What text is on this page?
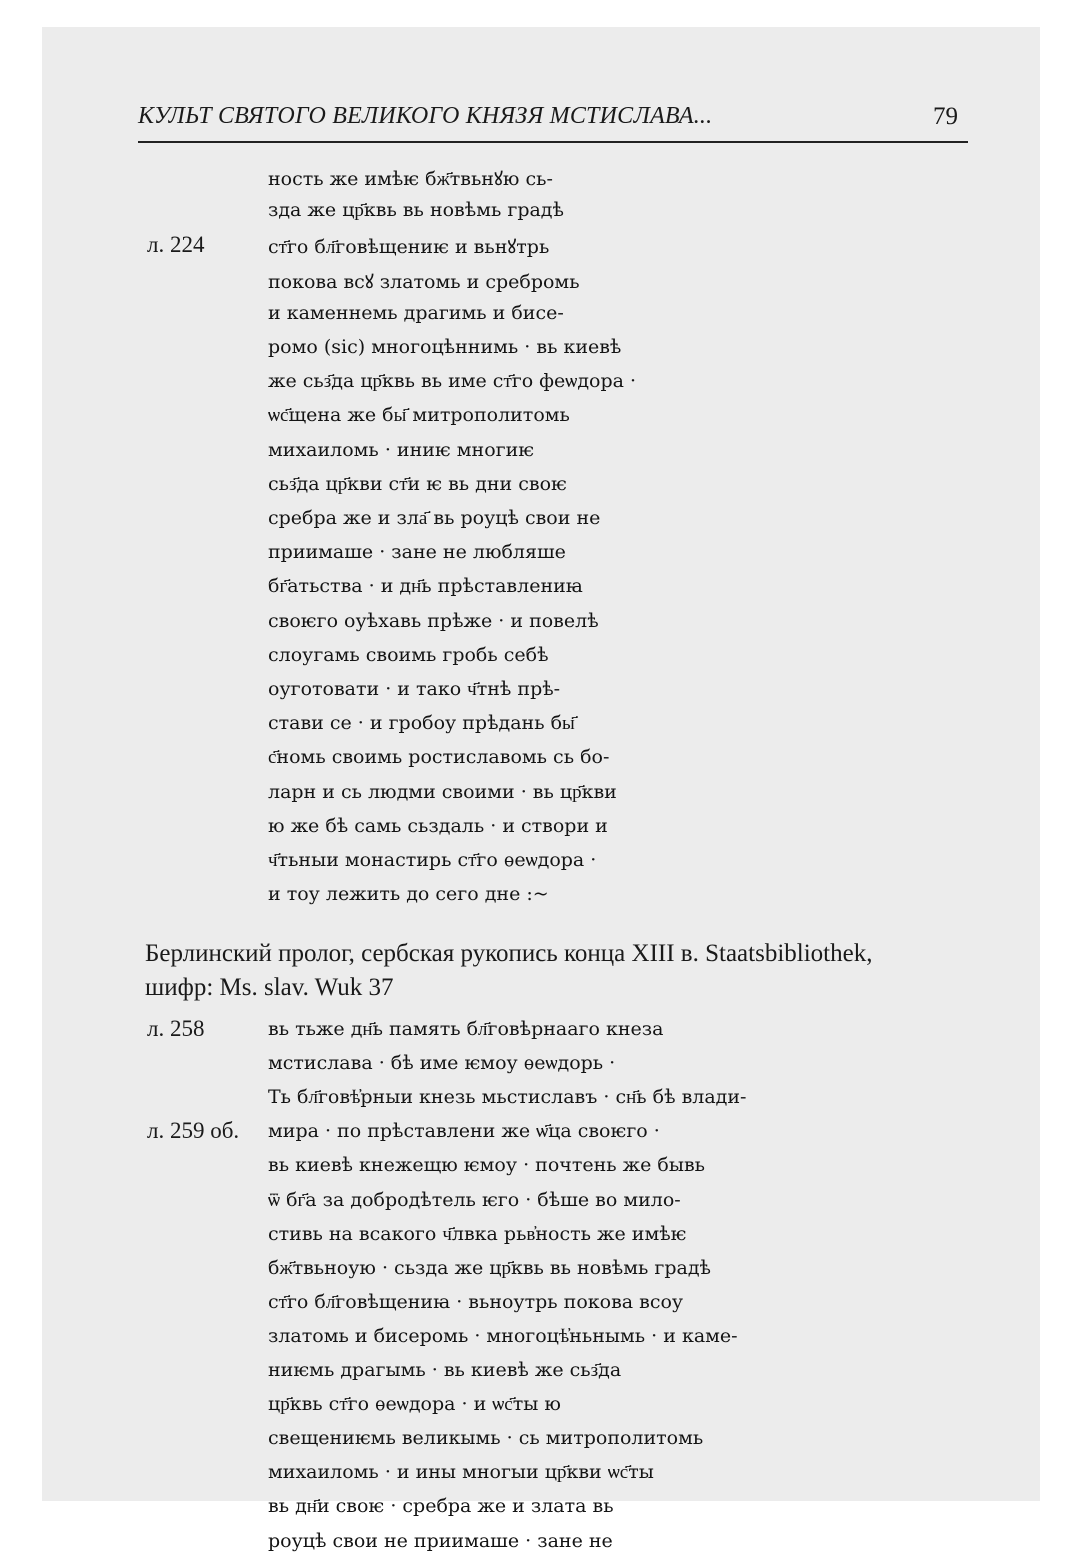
КУЛЬТ СВЯТОГО ВЕЛИКОГО КНЯЗЯ МСТИСЛАВА...	79
л. 224
ность же имѣѥ бж҃твьнꙋю сь-
зда же цр҃квь вь новѣмь градѣ
ст҃го бл҃говѣщениѥ и вьнꙋтрь
покова всꙋ златомь и сребромь
и каменнемь драгимь и бисе-
ромо (sic) многоцѣннимь · вь киевѣ
же сьз҃да цр҃квь вь име ст҃го феѡдора ·
ѡс҃щена же бы҃ митрополитомь
михаиломь · иниѥ многиѥ
сьз҃да цр҃кви ст҃и ѥ вь дни своѥ
сребра же и зла҃ вь роуцѣ свои не
приимаше · зане не любляше
бг҃атьства · и дн҃ь прѣставлениꙗ
своѥго оуѣхавь прѣже · и повелѣ
слоугамь своимь гробь себѣ
оуготовати · и тако ч҃тнѣ прѣ-
стави се · и гробоу прѣдань бы҃
с҃номь своимь ростиславомь сь бо-
ларн и сь людми своими · вь цр҃кви
ю же бѣ самь сьздаль · и створи и
ч҃тьныи монастирь ст҃го ѳеѡдора ·
и тоу лежить до сего дне :~
Берлинский пролог, сербская рукопись конца XIII в. Staatsbibliothek,
шифр: Ms. slav. Wuk 37
л. 258
л. 259 об.
вь тьже дн҃ь память бл҃говѣрнааго кнеза
мстислава · бѣ име ѥмоу ѳеѡдорь ·
Ть бл҃говѣ҆рныи кнезь мьстиславъ · сн҃ь бѣ влади-
мира · по прѣставлени же ѡ҃ца своѥго ·
вь киевѣ кнежещю ѥмоу · почтень же бывь
ѿ бг҃а за добродѣтель ѥго · бѣше во мило-
стивь на всакого ч҃лвка рьв҆ность же имѣѥ
бж҃твьноую · сьзда же цр҃квь вь новѣмь градѣ
ст҃го бл҃говѣщениꙗ · вьноутрь покова всоу
златомь и бисеромь · многоцѣ҆ньнымь · и каме-
ниѥмь драгымь · вь киевѣ же сьз҃да
цр҃квь ст҃го ѳеѡдора · и ѡс҃ты ю
свещениѥмь великымь · сь митрополитомь
михаиломь · и ины многыи цр҃кви ѡс҃ты
вь дн҃и своѥ · сребра же и злата вь
роуцѣ свои не приимаше · зане не
